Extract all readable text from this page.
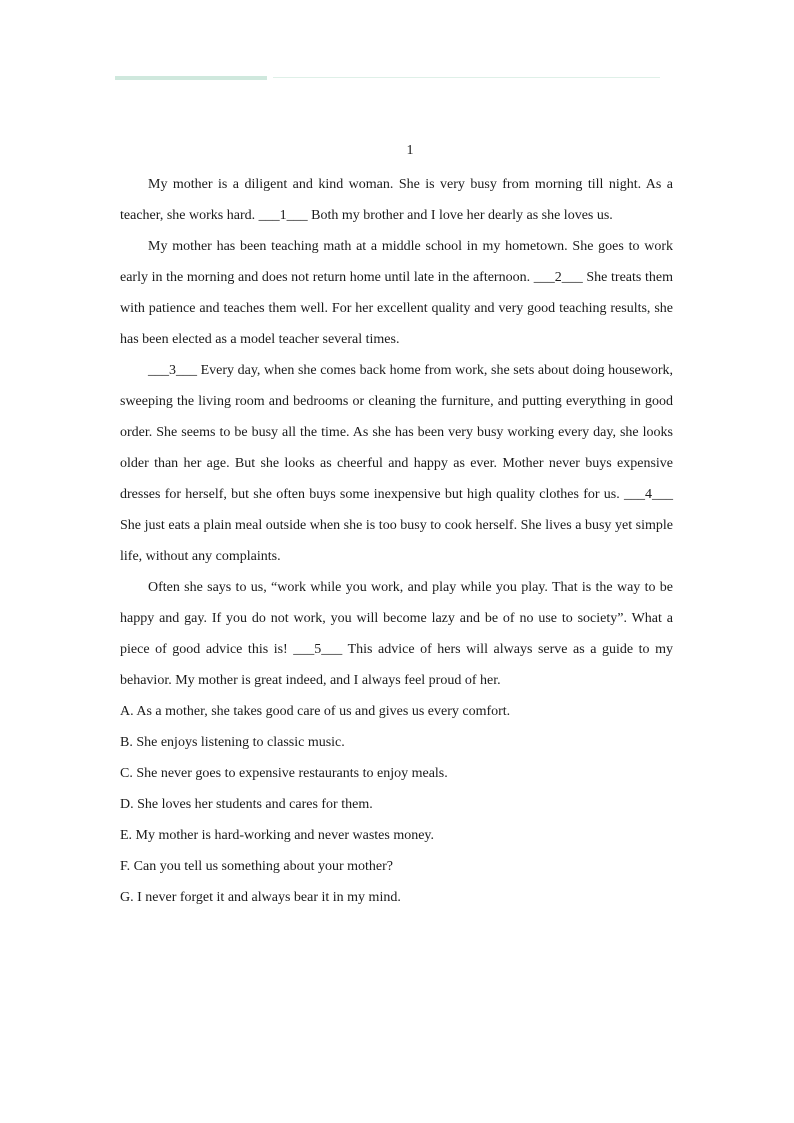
1

My mother is a diligent and kind woman. She is very busy from morning till night. As a teacher, she works hard. ___1___ Both my brother and I love her dearly as she loves us.

My mother has been teaching math at a middle school in my hometown. She goes to work early in the morning and does not return home until late in the afternoon. ___2___ She treats them with patience and teaches them well. For her excellent quality and very good teaching results, she has been elected as a model teacher several times.

___3___ Every day, when she comes back home from work, she sets about doing housework, sweeping the living room and bedrooms or cleaning the furniture, and putting everything in good order. She seems to be busy all the time. As she has been very busy working every day, she looks older than her age. But she looks as cheerful and happy as ever. Mother never buys expensive dresses for herself, but she often buys some inexpensive but high quality clothes for us. ___4___ She just eats a plain meal outside when she is too busy to cook herself. She lives a busy yet simple life, without any complaints.

Often she says to us, “work while you work, and play while you play. That is the way to be happy and gay. If you do not work, you will become lazy and be of no use to society”. What a piece of good advice this is! ___5___ This advice of hers will always serve as a guide to my behavior. My mother is great indeed, and I always feel proud of her.

A. As a mother, she takes good care of us and gives us every comfort.
B. She enjoys listening to classic music.
C. She never goes to expensive restaurants to enjoy meals.
D. She loves her students and cares for them.
E. My mother is hard-working and never wastes money.
F. Can you tell us something about your mother?
G. I never forget it and always bear it in my mind.
